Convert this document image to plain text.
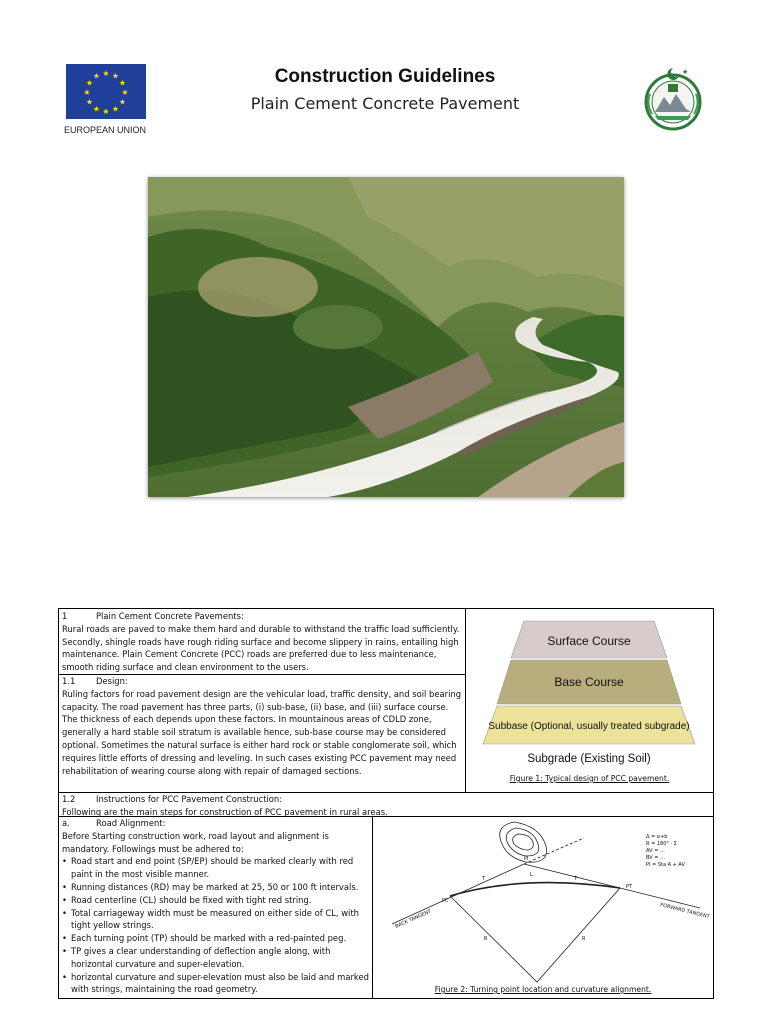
★ ★
★
★
★
★
★
★
★
★
★
★
EUROPEAN UNION
Construction Guidelines
Plain Cement Concrete Pavement
★
1	Plain Cement Concrete Pavements:

Rural roads are paved to make them hard and durable to withstand the traffic load sufficiently. Secondly, shingle roads have rough riding surface and become slippery in rains, entailing high maintenance. Plain Cement Concrete (PCC) roads are preferred due to less maintenance, smooth riding surface and clean environment to the users.

1.1	Design:

Ruling factors for road pavement design are the vehicular load, traffic density, and soil bearing capacity. The road pavement has three parts, (i) sub-base, (ii) base, and (iii) surface course. The thickness of each depends upon these factors. In mountainous areas of CDLD zone, generally a hard stable soil stratum is available hence, sub-base course may be considered optional. Sometimes the natural surface is either hard rock or stable conglomerate soil, which requires little efforts of dressing and leveling. In such cases existing PCC pavement may need rehabilitation of wearing course along with repair of damaged sections.

Surface Course
Base Course
Subbase (Optional, usually treated subgrade)
Subgrade (Existing Soil)
Figure 1: Typical design of PCC pavement.
1.2	Instructions for PCC Pavement Construction:

Following are the main steps for construction of PCC pavement in rural areas.

a.	Road Alignment:

Before Starting construction work, road layout and alignment is mandatory. Followings must be adhered to:

• Road start and end point (SP/EP) should be marked clearly with red paint in the most visible manner.
• Running distances (RD) may be marked at 25, 50 or 100 ft intervals.
• Road centerline (CL) should be fixed with tight red string.
• Total carriageway width must be measured on either side of CL, with tight yellow strings.
• Each turning point (TP) should be marked with a red-painted peg.
• TP gives a clear understanding of deflection angle along, with horizontal curvature and super-elevation.
• horizontal curvature and super-elevation must also be laid and marked with strings, maintaining the road geometry.
PI
PC
PT
R	R
T	T
L
BACK TANGENT	FORWARD TANGENT
Δ = α+b
R = 180° · Σ
AV = …
BV = …
PI = Sta A + AV
Figure 2: Turning point location and curvature alignment.
